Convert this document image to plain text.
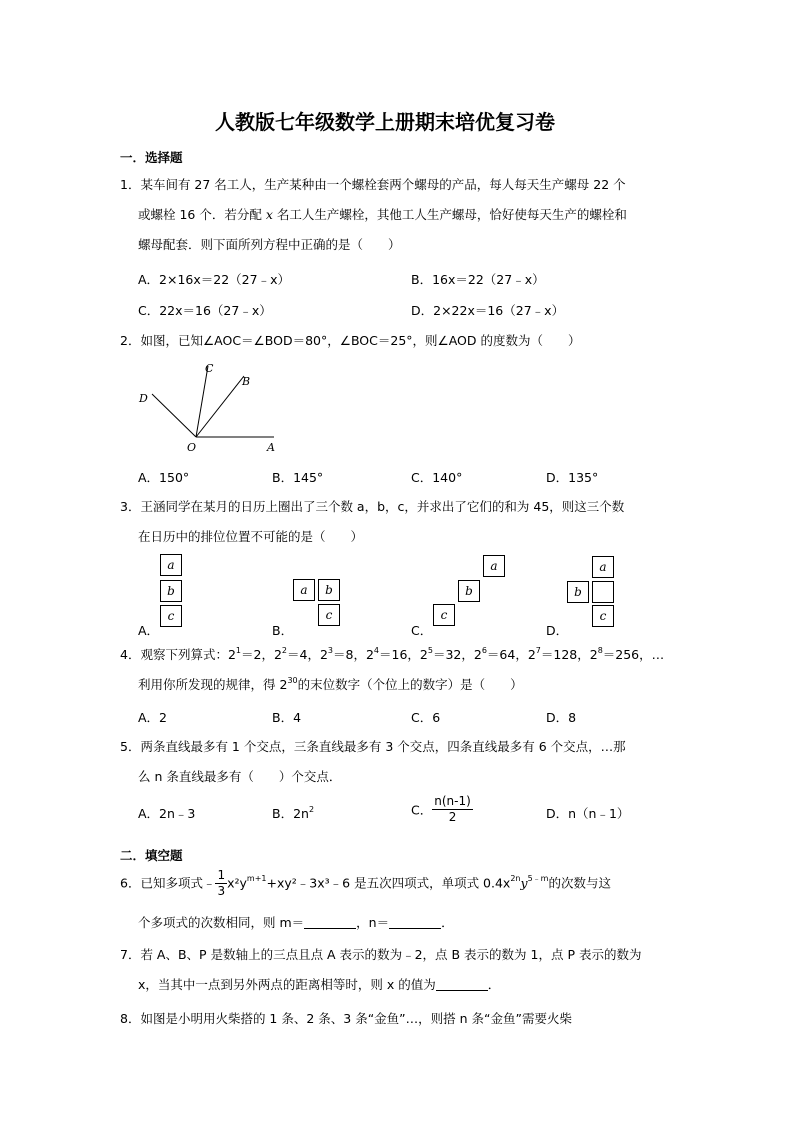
人教版七年级数学上册期末培优复习卷
一．选择题
1．某车间有 27 名工人，生产某种由一个螺栓套两个螺母的产品，每人每天生产螺母 22 个
或螺栓 16 个．若分配 x 名工人生产螺栓，其他工人生产螺母，恰好使每天生产的螺栓和
螺母配套．则下面所列方程中正确的是（　　）
A．2×16x＝22（27﹣x）	B．16x＝22（27﹣x）
C．22x＝16（27﹣x）	D．2×22x＝16（27﹣x）
2．如图，已知∠AOC＝∠BOD＝80°，∠BOC＝25°，则∠AOD 的度数为（　　）
C
B
D
O	A
A．150°	B．145°	C．140°	D．135°
3．王涵同学在某月的日历上圈出了三个数 a，b，c，并求出了它们的和为 45，则这三个数
在日历中的排位位置不可能的是（　　）
a
b
c
A．
a	b
c
B．
a
b
c
C．
a
b
c
D．
4．观察下列算式：$2^1=2$，$2^2=4$，$2^3=8$，$2^4=16$，$2^5=32$，$2^6=64$，$2^7=128$，$2^8=256$，…
利用你所发现的规律，得 $2^{30}$的末位数字（个位上的数字）是（　　）
A．2	B．4	C．6	D．8
5．两条直线最多有 1 个交点，三条直线最多有 3 个交点，四条直线最多有 6 个交点，…那
么 n 条直线最多有（　　）个交点．
A．2n﹣3	B．$2n^2$	C． $\frac{n(n-1)}{2}$	D．n（n﹣1）
二．填空题
6．已知多项式﹣ $\frac{1}{3}$ $x^2y^{m+1}+xy^2﹣3x^3﹣6$ 是五次四项式，单项式 $0.4x^{2n}y^{5﹣m}$的次数与这
个多项式的次数相同，则 m＝	，n＝	．
7．若 A、B、P 是数轴上的三点且点 A 表示的数为﹣2，点 B 表示的数为 1，点 P 表示的数为
x，当其中一点到另外两点的距离相等时，则 x 的值为	．
8．如图是小明用火柴搭的 1 条、2 条、3 条“金鱼”…，则搭 n 条“金鱼”需要火柴
